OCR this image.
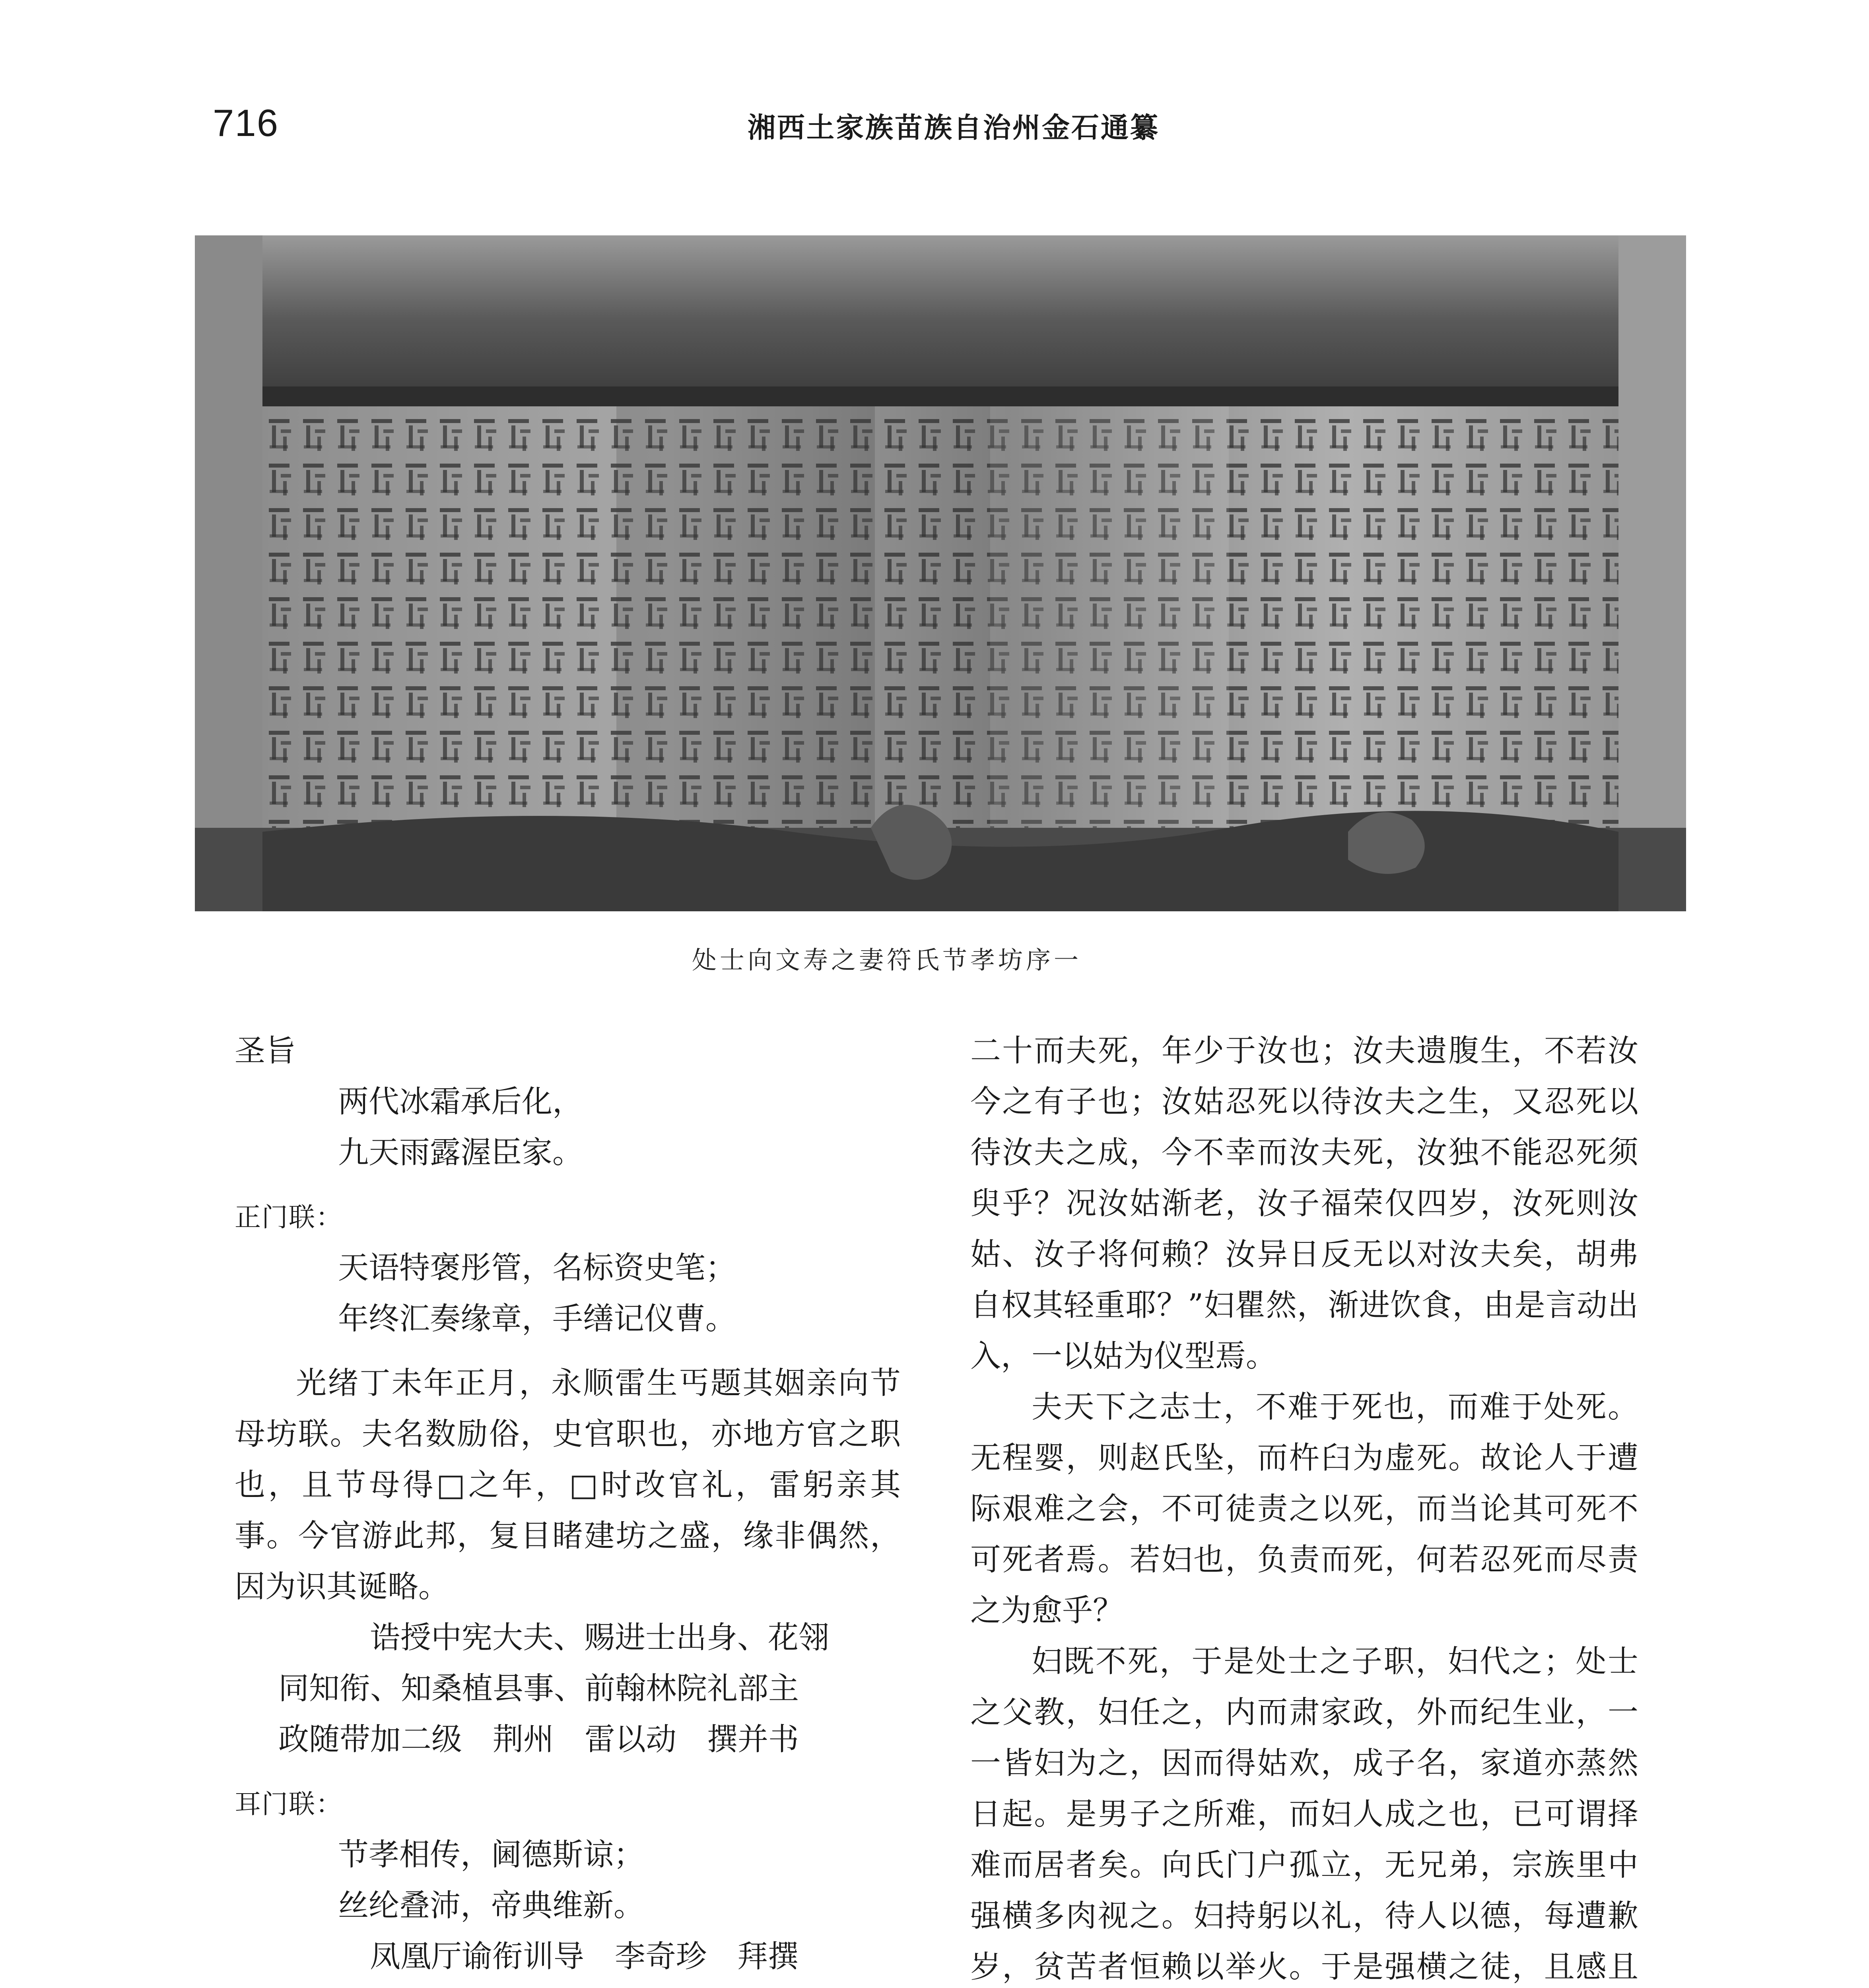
716	湘西土家族苗族自治州金石通纂
处士向文寿之妻符氏节孝坊序一

圣旨

两代冰霜承后化，

九天雨露渥臣家。

正门联：

天语特褒彤管，名标资史笔；

年终汇奏缘章，手缮记仪曹。

光绪丁未年正月，永顺雷生丐题其姻亲向节母坊联。夫名数励俗，史官职也，亦地方官之职也，且节母得□之年，□时改官礼，雷躬亲其事。今官游此邦，复目睹建坊之盛，缘非偶然，因为识其诞略。

诰授中宪大夫、赐进士出身、花翎

同知衔、知桑植县事、前翰林院礼部主

政随带加二级　荆州　雷以动　撰并书

耳门联：

节孝相传，阃德斯谅；

丝纶叠沛，帝典维新。

凤凰厅谕衔训导　李奇珍　拜撰

二十而夫死，年少于汝也；汝夫遗腹生，不若汝今之有子也；汝姑忍死以待汝夫之生，又忍死以待汝夫之成，今不幸而汝夫死，汝独不能忍死须臾乎？况汝姑渐老，汝子福荣仅四岁，汝死则汝姑、汝子将何赖？汝异日反无以对汝夫矣，胡弗自权其轻重耶？”妇瞿然，渐进饮食，由是言动出入，一以姑为仪型焉。

夫天下之志士，不难于死也，而难于处死。无程婴，则赵氏坠，而杵臼为虚死。故论人于遭际艰难之会，不可徒责之以死，而当论其可死不可死者焉。若妇也，负责而死，何若忍死而尽责之为愈乎？

妇既不死，于是处士之子职，妇代之；处士之父教，妇任之，内而肃家政，外而纪生业，一一皆妇为之，因而得姑欢，成子名，家道亦蒸然日起。是男子之所难，而妇人成之也，已可谓择难而居者矣。向氏门户孤立，无兄弟，宗族里中强横多肉视之。妇持躬以礼，待人以德，每遭歉岁，贫苦者恒赖以举火。于是强横之徒，且感且
